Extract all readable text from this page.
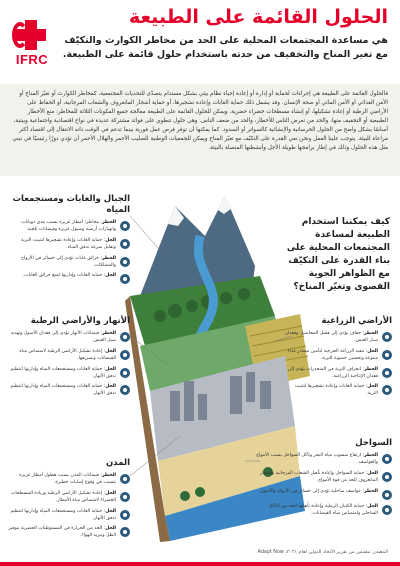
IFRC
الحلول القائمة على الطبيعة
هي مساعدة المجتمعات المحلية على الحد من مخاطر الكوارث والتكيّف مع تغير المناخ والتخفيف من حدته باستخدام حلول قائمة على الطبيعة.

فالحلول القائمة على الطبيعة هي إجراءات لحماية أو إدارة أو إعادة إحياء نظام بيئي بشكل مستدام يتصدّى للتحديات المجتمعية، كمخاطر الكوارث أو تغيّر المناخ أو الأمن الغذائي أو الأمن المائي أو صحة الإنسان. وقد يشمل ذلك حماية الغابات وإعادة تشجيرها، أو حماية أشجار المانغروف والشعاب المرجانية، أو الحفاظ على الأراضي الرطبة أو إعادة تشكيلها، أو إنشاء مسطحات خضراء حضرية. ويمكن للحلول القائمة على الطبيعة معالجة جميع المكونات الثلاثة للمخاطر: منع الأخطار الطبيعية أو التخفيف منها، والحد من تعرض الناس للأخطار، والحد من ضعف الناس. وهي حلول تنطوي على فوائد مشتركة عديدة في نواح اقتصادية واجتماعية وبيئية، أساسًا بشكل واضح من الحلول الخرسانية والإنشائية كالسواتر أو السدود. كما يمكنها أن توفر فرص عمل فورية بينما تدعم في الوقت ذاته الانتقال إلى اقتصاد أكثر مراعاة للبيئة. يتوجب علينا العمل ونحن نعي القدرة على التكيّف مع تغيّر المناخ ويمكن للجمعيات الوطنية للصليب الأحمر والهلال الأحمر أن تؤدي دورًا رئيسيًا في تبني مثل هذه الحلول وذلك في إطار برامجها طويلة الأجل وأنشطتها المتصلة بالبيئة.

كيف يمكننا استخدام الطبيعة لمساعدة المجتمعات المحلية على بناء القدرة على التكيّف مع الظواهر الجوية القصوى وتغيّر المناخ؟
الجبال والغابات ومستجمعات المياه
الخطر: مخاطر: أمطار غزيرة يسبب مدى ذوبانات وانهيارات أرضية وسيول غزيرة وفيضانات ثلجية.
الحل: حماية الغابات وإعادة تشجيرها لتثبيت التربة وتقليل سرعة تدفق المياه.
الخطر: حرائق غابات تؤدي إلى خسائر في الأرواح والممتلكات.
الحل: حماية الغابات وإدارتها لمنع حرائق الغابات.
الأنهار والأراضي الرطبة
الخطر: فيضانات الأنهار تؤدي إلى فقدان الأصول وتهديد سبل العيش.
الحل: إعادة تشكيل الأراضي الرطبة لامتصاص مياه الفيضانات وتصريفها.
الحل: حماية الغابات ومستجمعات المياه وإدارتها لتنظيم تدفق الأنهار.
الحل: حماية الغابات ومستجمعات المياه وإدارتها لتنظيم تدفق الأنهار.
المدن
الخطر: فيضانات المدن بسبب هطول أمطار غزيرة يتسبب في وقوع إصابات خطيرة.
الحل: إعادة تشكيل الأراضي الرطبة وزيادة المسطحات الخضراء لامتصاص مياه الأمطار.
الحل: حماية الغابات ومستجمعات المياه وإدارتها لتنظيم تدفق الأنهار.
الحل: الحد من الحرارة في المستوطنات الحضرية بتوفير الظل وتبريد الهواء.
الأراضي الزراعية
الخطر: جفاف يؤدي إلى فشل المحاصيل وفقدان سبل العيش.
الحل: تنفيذ الزراعة الحرجية لتأمين مصادر غذاء متنوعة وتحسين خصوبة التربة.
الخطر: انجراف التربة في المنحدرات يؤدي إلى فقدان الإنتاجية الزراعية.
الحل: حماية الغابات وإعادة تشجيرها لتثبيت التربة.
السواحل
الخطر: ارتفاع منسوب مياه البحر وتآكل السواحل بسبب الأمواج والعواصف.
الحل: حماية السواحل وإعادة تأهيل الشعاب المرجانية وأشجار المانغروف للحد من قوة الأمواج.
الخطر: عواصف ساحلية تؤدي إلى خسائر في الأرواح والأصول.
الحل: حماية الكثبان الرملية وإعادة تأهيلها للحد من التآكل الساحلي وامتصاص مياه الفيضانات.
المصدر: مقتبس من تقرير الاتحاد الدولي لعام ٢٠٢١، Adapt Now
